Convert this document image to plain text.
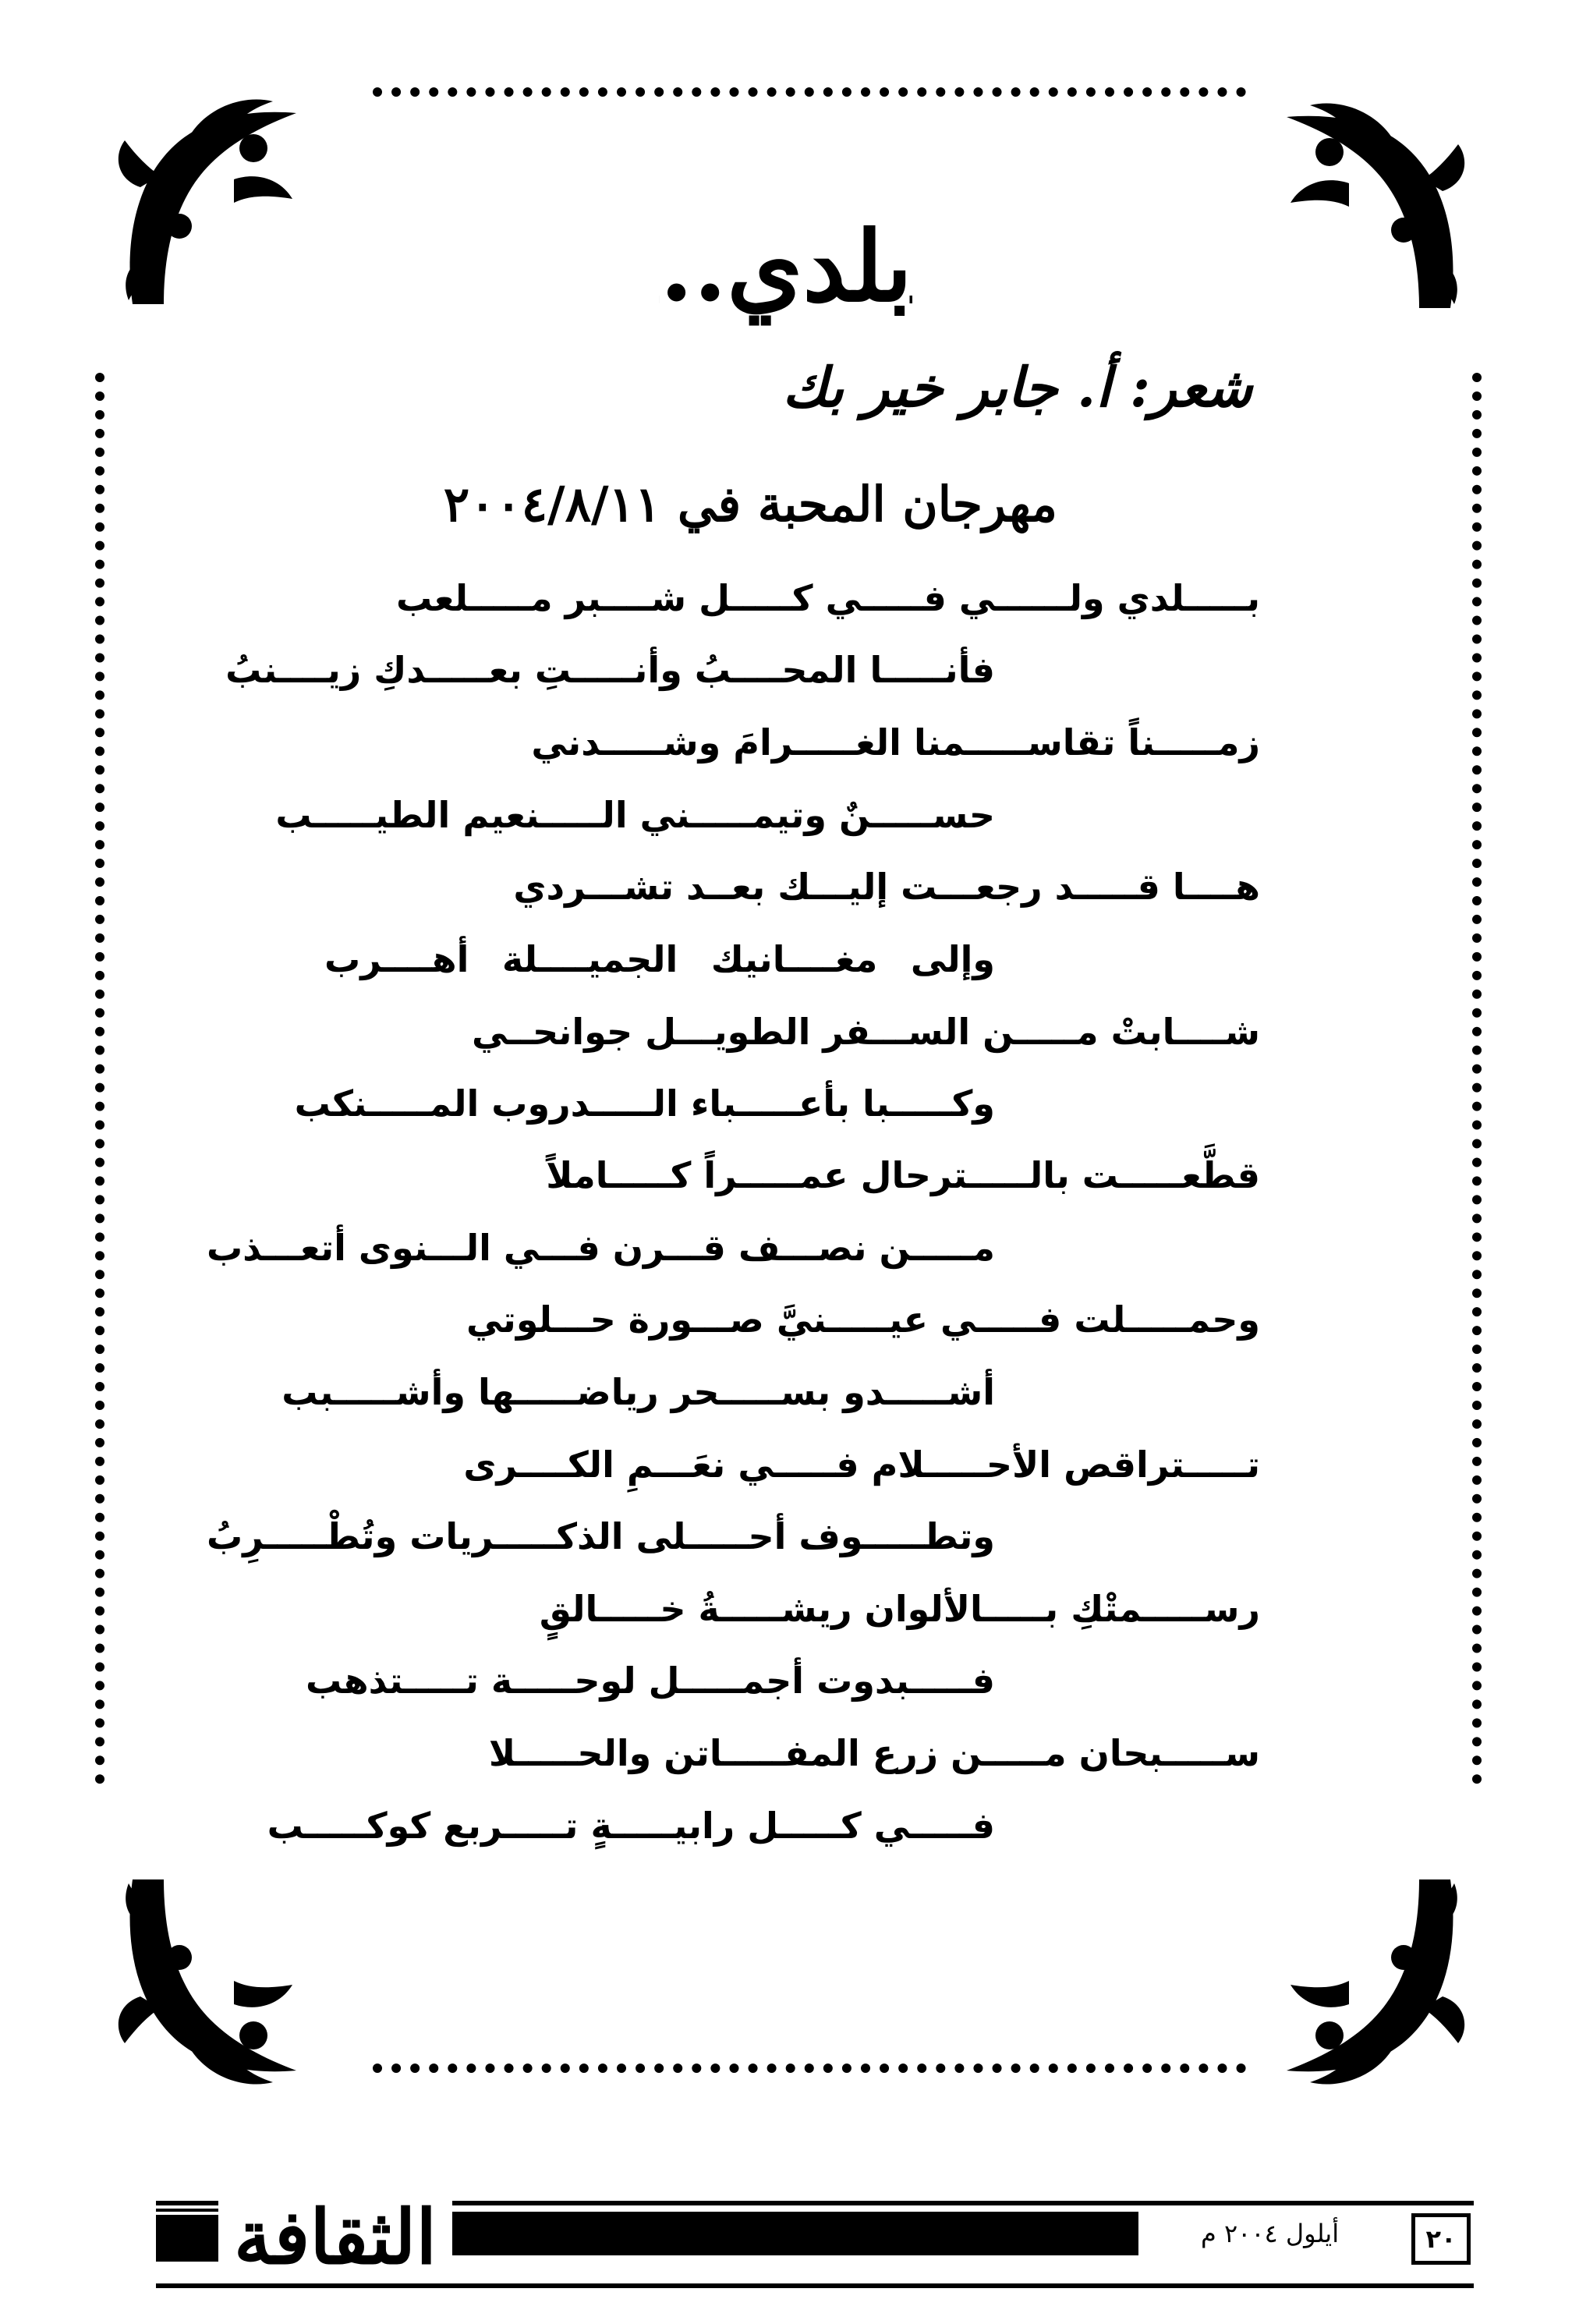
بلدي..
شعر: أ. جابر خير بك
مهرجان المحبة في ٢٠٠٤/٨/١١
بـــــلدي ولــــــي فـــــي كـــــل شــــبر مـــــلعب
فأنـــــا المحــــبُ وأنـــــتِ بعـــــدكِ زيــــنبُ
زمـــــناً تقاســـــمنا الغـــــرامَ وشـــــدني
حســـــنٌ وتيمـــــني الـــــنعيم الطيـــــب
هــــا قـــــد رجعـــت إليـــك بعــد تشـــردي
وإلى مغــــانيك الجميــــلة أهــــرب
شــــابتْ مـــــن الســـفر الطويـــل جوانحــي
وكـــــبا بأعـــــباء الـــــدروب المـــــنكب
قطَّعـــــت بالـــــترحال عمـــــراً كـــــاملاً
مـــــن نصـــف قـــرن فـــي الـــنوى أتعـــذب
وحمـــــلت فـــــي عيـــــنيَّ صـــورة حـــلوتي
أشـــــدو بســـــحر رياضـــــها وأشـــــبب
تـــــتراقص الأحـــــلام فـــــي نعَـــمِ الكــــرى
وتطـــــوف أحـــــلى الذكـــــريات وتُطْـــــرِبُ
رســـــمتْكِ بـــــالألوان ريشـــــةُ خـــــالقٍ
فـــــبدوت أجمـــــل لوحـــــة تـــــتذهب
ســـــبحان مـــــن زرع المفـــــاتن والحـــــلا
فـــــي كـــــل رابيـــــةٍ تـــــربع كوكـــــب
الثقافة	أيلول ٢٠٠٤ م	٢٠
